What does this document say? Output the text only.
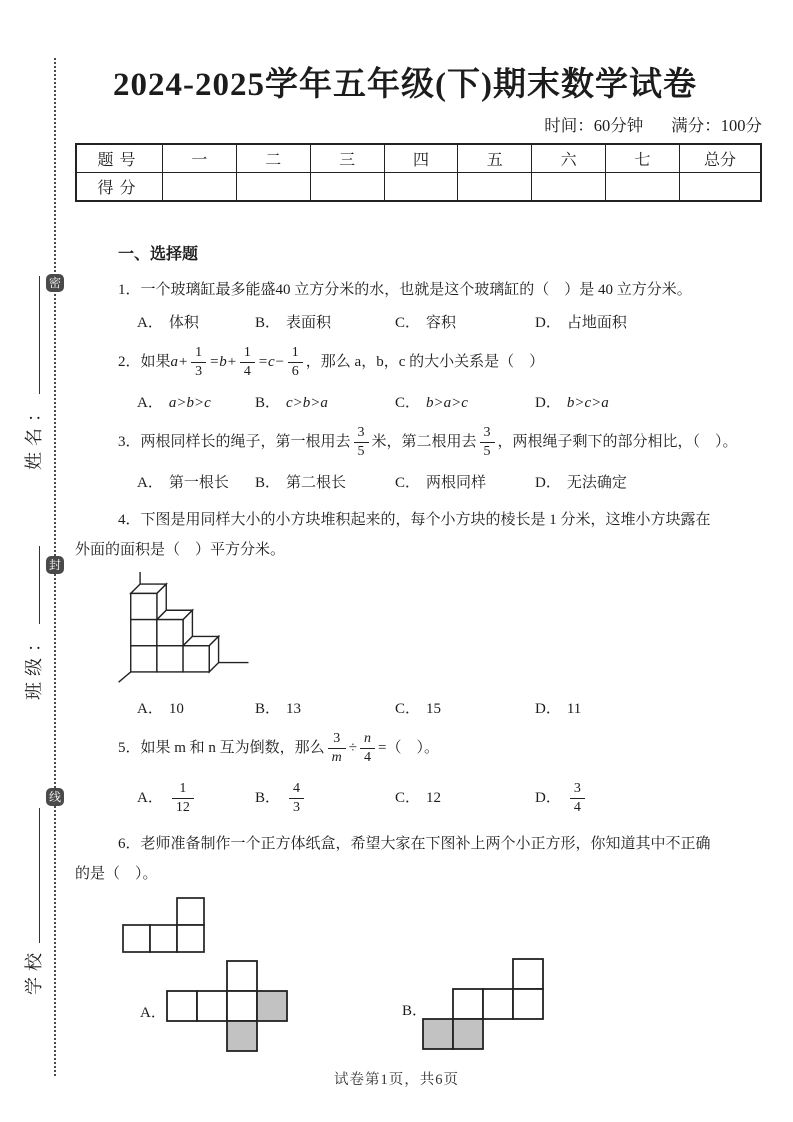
密
封
线
姓名：
班级：
学校
2024-2025学年五年级(下)期末数学试卷
时间：60分钟 满分：100分
题号	一	二	三	四	五	六	七	总分
得分								
一、选择题
1．一个玻璃缸最多能盛40 立方分米的水，也就是这个玻璃缸的（　）是 40 立方分米。
A． 体积	B． 表面积	C． 容积	D． 占地面积
2．如果 $a+ \frac{1}{3} =b+ \frac{1}{4} =c- \frac{1}{6}$ ，那么 a，b，c 的大小关系是（　）
A． a>b>c	B． c>b>a	C． b>a>c	D． b>c>a
3．两根同样长的绳子，第一根用去
3
5
米，第二根用去
3
5
，两根绳子剩下的部分相比，（　）。
A． 第一根长 B． 第二根长	C． 两根同样	D． 无法确定
4．下图是用同样大小的小方块堆积起来的，每个小方块的棱长是 1 分米，这堆小方块露在
外面的面积是（　）平方分米。
A． 10	B． 13	C． 15	D． 11
5．如果 m 和 n 互为倒数，那么 $\frac{3}{m} \div \frac{n}{4}$ =（　）。
A．
1
12
B．
4
3
C． 12	D．
3
4
6．老师准备制作一个正方体纸盒，希望大家在下图补上两个小正方形，你知道其中不正确
的是（　）。
A．	B．
试卷第1页，共6页
